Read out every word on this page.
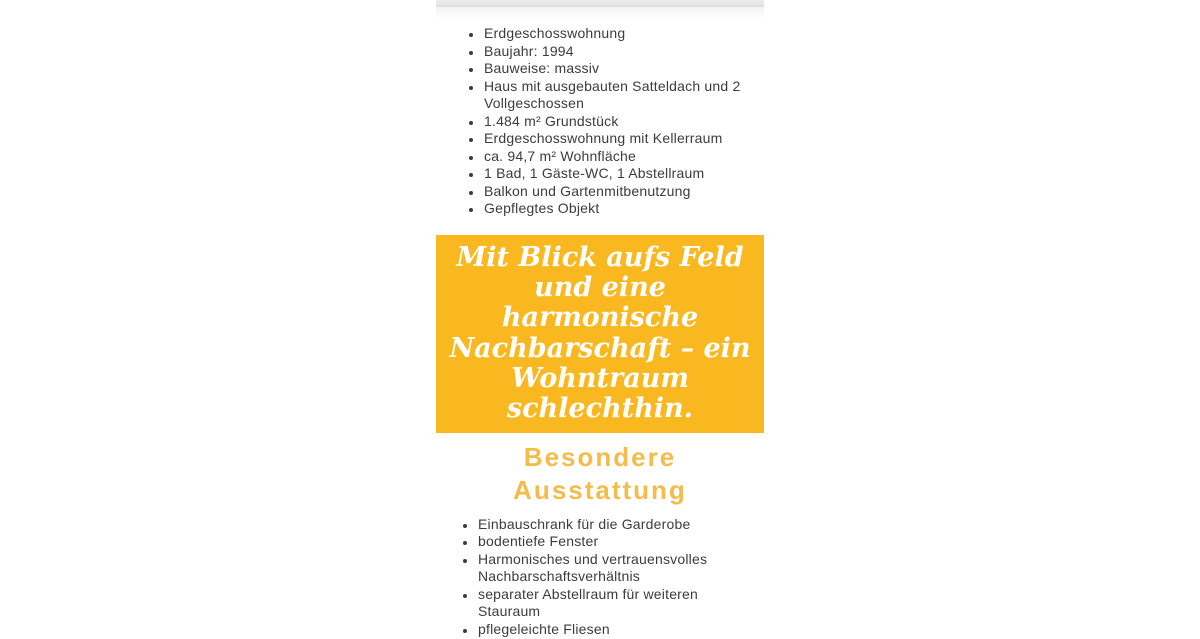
• Erdgeschosswohnung
• Baujahr: 1994
• Bauweise: massiv
• Haus mit ausgebauten Satteldach und 2 Vollgeschossen
• 1.484 m² Grundstück
• Erdgeschosswohnung mit Kellerraum
• ca. 94,7 m² Wohnfläche
• 1 Bad, 1 Gäste-WC, 1 Abstellraum
• Balkon und Gartenmitbenutzung
• Gepflegtes Objekt
Mit Blick aufs Feld und eine harmonische Nachbarschaft – ein Wohntraum schlechthin.
Besondere Ausstattung
• Einbauschrank für die Garderobe
• bodentiefe Fenster
• Harmonisches und vertrauensvolles Nachbarschaftsverhältnis
• separater Abstellraum für weiteren Stauraum
• pflegeleichte Fliesen
